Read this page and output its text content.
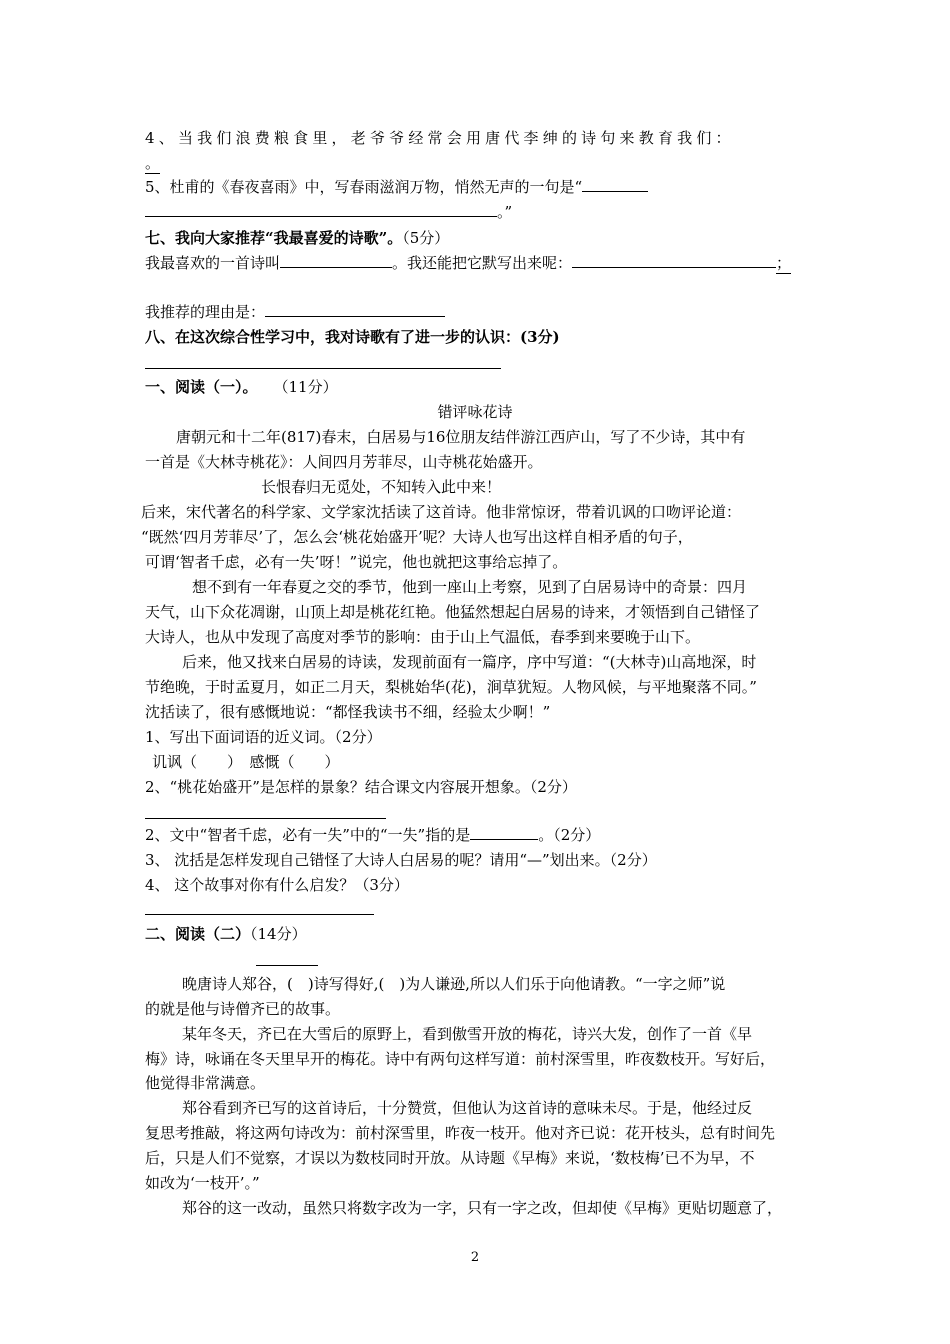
4、当我们浪费粮食里，老爷爷经常会用唐代李绅的诗句来教育我们：
。
5、杜甫的《春夜喜雨》中，写春雨滋润万物，悄然无声的一句是“
。”
七、我向大家推荐“我最喜爱的诗歌”。（5分）
我最喜欢的一首诗叫	。我还能把它默写出来呢：	；
我推荐的理由是：
八、在这次综合性学习中，我对诗歌有了进一步的认识：(3分)
一、阅读（一）。 （11分）
错评咏花诗
唐朝元和十二年(817)春末，白居易与16位朋友结伴游江西庐山，写了不少诗，其中有
一首是《大林寺桃花》：人间四月芳菲尽，山寺桃花始盛开。
长恨春归无觅处，不知转入此中来！
后来，宋代著名的科学家、文学家沈括读了这首诗。他非常惊讶，带着讥讽的口吻评论道：
“既然‘四月芳菲尽’了，怎么会‘桃花始盛开’呢？大诗人也写出这样自相矛盾的句子，
可谓‘智者千虑，必有一失’呀！”说完，他也就把这事给忘掉了。
想不到有一年春夏之交的季节，他到一座山上考察，见到了白居易诗中的奇景：四月
天气，山下众花凋谢，山顶上却是桃花红艳。他猛然想起白居易的诗来，才领悟到自己错怪了
大诗人，也从中发现了高度对季节的影响：由于山上气温低，春季到来要晚于山下。
后来，他又找来白居易的诗读，发现前面有一篇序，序中写道：“(大林寺)山高地深，时
节绝晚，于时孟夏月，如正二月天，梨桃始华(花)，涧草犹短。人物风候，与平地聚落不同。”
沈括读了，很有感慨地说：“都怪我读书不细，经验太少啊！”
1、写出下面词语的近义词。（2分）
讥讽（　　）　感慨（　　）
2、“桃花始盛开”是怎样的景象？结合课文内容展开想象。（2分）
2、文中“智者千虑，必有一失”中的“一失”指的是	。（2分）
3、 沈括是怎样发现自己错怪了大诗人白居易的呢？请用“—”划出来。（2分）
4、 这个故事对你有什么启发？（3分）
二、阅读（二）（14分）
晚唐诗人郑谷，(　)诗写得好,(　)为人谦逊,所以人们乐于向他请教。“一字之师”说
的就是他与诗僧齐已的故事。
某年冬天，齐已在大雪后的原野上，看到傲雪开放的梅花，诗兴大发，创作了一首《早
梅》诗，咏诵在冬天里早开的梅花。诗中有两句这样写道：前村深雪里，昨夜数枝开。写好后，
他觉得非常满意。
郑谷看到齐已写的这首诗后，十分赞赏，但他认为这首诗的意味未尽。于是，他经过反
复思考推敲，将这两句诗改为：前村深雪里，昨夜一枝开。他对齐已说：花开枝头，总有时间先
后，只是人们不觉察，才误以为数枝同时开放。从诗题《早梅》来说，‘数枝梅’已不为早，不
如改为‘一枝开’。”
郑谷的这一改动，虽然只将数字改为一字，只有一字之改，但却使《早梅》更贴切题意了，
2
